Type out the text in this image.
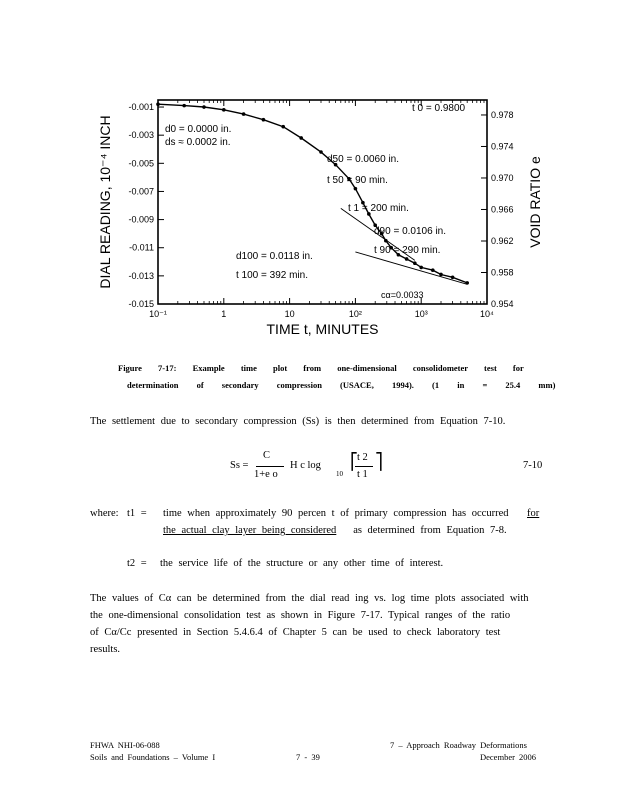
10⁻¹	1	10	10²	10³	10⁴
TIME t, MINUTES
-0.001
-0.003
-0.005
-0.007
-0.009
-0.011
-0.013
-0.015
DIAL READING, 10⁻⁴ INCH
0.978
0.974
0.970
0.966
0.962
0.958
0.954
VOID RATIO e
t 0 = 0.9800
d0 = 0.0000 in.
ds ≈ 0.0002 in.
d50 = 0.0060 in.
t 50 = 90 min.
t 1 = 200 min.
d90 = 0.0106 in.
t 90 = 290 min.
d100 = 0.0118 in.
t 100 = 392 min.
cα=0.0033
Figure 7-17: Example time plot from one-dimensional consolidometer test for
determination of secondary compression (USACE, 1994). (1 in = 25.4 mm)
The settlement due to secondary compression (Ss) is then determined from Equation 7-10.
Ss =
C
1+e o
H c log
10
⎡ t 2
t 1
⎤	7-10
where: t1 = time when approximately 90 percen t of primary compression has occurred for
the actual clay layer being considered as determined from Equation 7-8.
t2 = the service life of the structure or any other time of interest.
The values of Cα can be determined from the dial read ing vs. log time plots associated with
the one-dimensional consolidation test as shown in Figure 7-17. Typical ranges of the ratio
of Cα/Cc presented in Section 5.4.6.4 of Chapter 5 can be used to check laboratory test
results.
FHWA NHI-06-088
Soils and Foundations – Volume I	7 - 39
7 – Approach Roadway Deformations
December 2006
